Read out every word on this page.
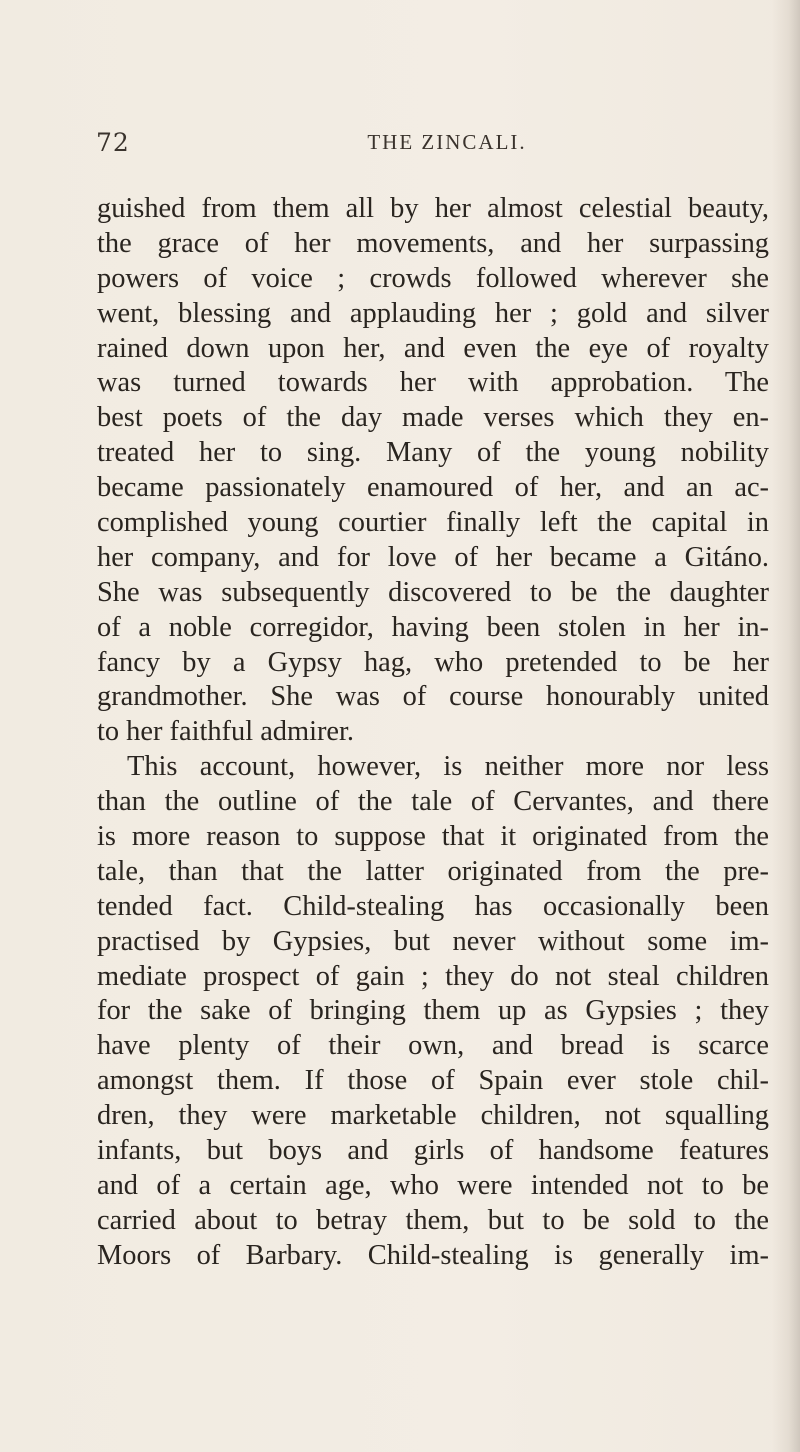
72	THE ZINCALI.
guished from them all by her almost celestial beauty,
the grace of her movements, and her surpassing
powers of voice ; crowds followed wherever she
went, blessing and applauding her ; gold and silver
rained down upon her, and even the eye of royalty
was turned towards her with approbation. The
best poets of the day made verses which they en-
treated her to sing. Many of the young nobility
became passionately enamoured of her, and an ac-
complished young courtier finally left the capital in
her company, and for love of her became a Gitáno.
She was subsequently discovered to be the daughter
of a noble corregidor, having been stolen in her in-
fancy by a Gypsy hag, who pretended to be her
grandmother. She was of course honourably united
to her faithful admirer.
This account, however, is neither more nor less
than the outline of the tale of Cervantes, and there
is more reason to suppose that it originated from the
tale, than that the latter originated from the pre-
tended fact. Child-stealing has occasionally been
practised by Gypsies, but never without some im-
mediate prospect of gain ; they do not steal children
for the sake of bringing them up as Gypsies ; they
have plenty of their own, and bread is scarce
amongst them. If those of Spain ever stole chil-
dren, they were marketable children, not squalling
infants, but boys and girls of handsome features
and of a certain age, who were intended not to be
carried about to betray them, but to be sold to the
Moors of Barbary. Child-stealing is generally im-
